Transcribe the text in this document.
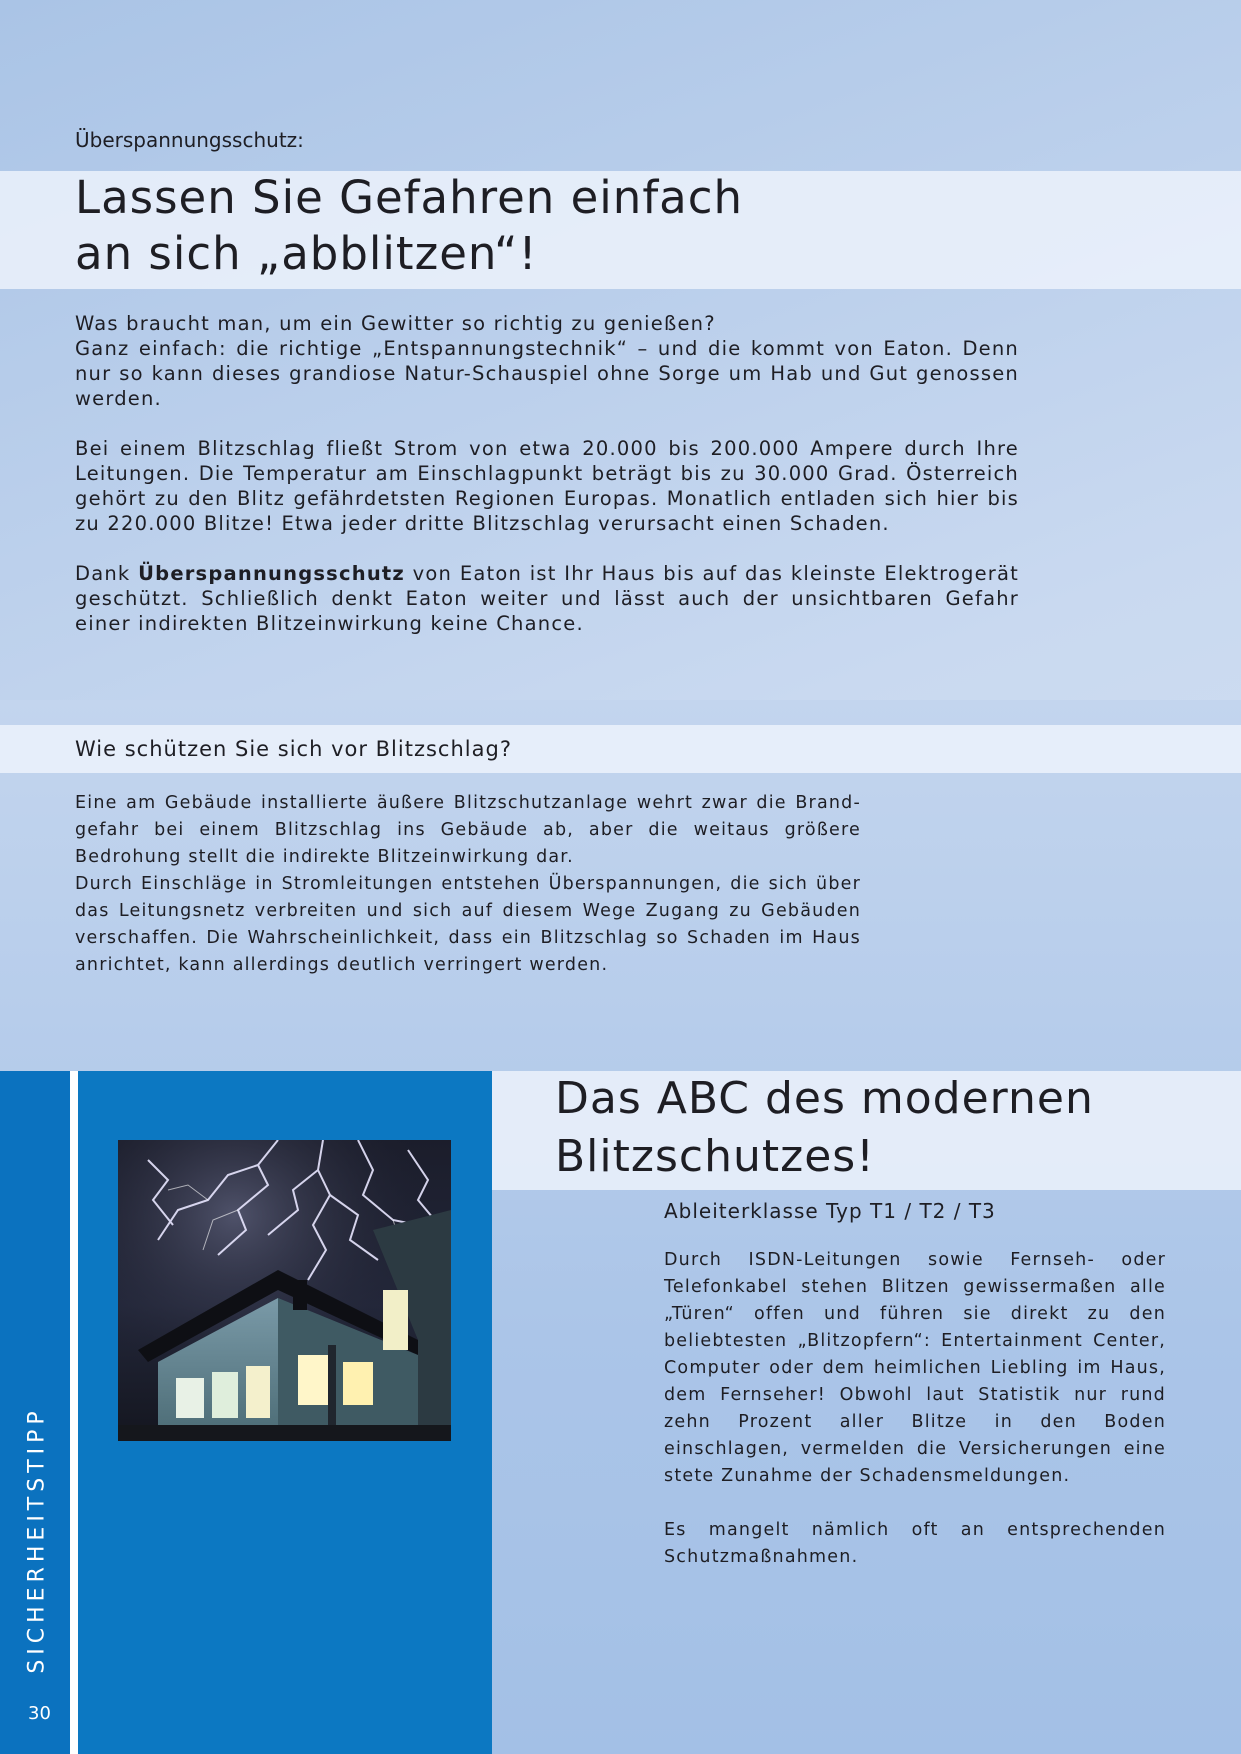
Überspannungsschutz:

Lassen Sie Gefahren einfach
an sich „abblitzen“!
Was braucht man, um ein Gewitter so richtig zu genießen?
Ganz einfach: die richtige „Entspannungstechnik“ – und die kommt von Eaton. Denn nur so kann dieses grandiose Natur-Schauspiel ohne Sorge um Hab und Gut genossen werden.

Bei einem Blitzschlag fließt Strom von etwa 20.000 bis 200.000 Ampere durch Ihre Leitungen. Die Temperatur am Einschlagpunkt beträgt bis zu 30.000 Grad. Österreich gehört zu den Blitz gefährdetsten Regionen Europas. Monatlich entladen sich hier bis zu 220.000 Blitze! Etwa jeder dritte Blitzschlag verursacht einen Schaden.

Dank Überspannungsschutz von Eaton ist Ihr Haus bis auf das kleinste Elektrogerät geschützt. Schließlich denkt Eaton weiter und lässt auch der unsichtbaren Gefahr einer indirekten Blitzeinwirkung keine Chance.

Wie schützen Sie sich vor Blitzschlag?
Eine am Gebäude installierte äußere Blitzschutzanlage wehrt zwar die Brand-gefahr bei einem Blitzschlag ins Gebäude ab, aber die weitaus größere Bedrohung stellt die indirekte Blitzeinwirkung dar.
Durch Einschläge in Stromleitungen entstehen Überspannungen, die sich über das Leitungsnetz verbreiten und sich auf diesem Wege Zugang zu Gebäuden verschaffen. Die Wahrscheinlichkeit, dass ein Blitzschlag so Schaden im Haus anrichtet, kann allerdings deutlich verringert werden.
SICHERHEITSTIPP
30
Das ABC des modernen
Blitzschutzes!

Ableiterklasse Typ T1 / T2 / T3

Durch ISDN-Leitungen sowie Fernseh- oder Telefonkabel stehen Blitzen gewissermaßen alle „Türen“ offen und führen sie direkt zu den beliebtesten „Blitzopfern“: Entertainment Center, Computer oder dem heimlichen Liebling im Haus, dem Fernseher! Obwohl laut Statistik nur rund zehn Prozent aller Blitze in den Boden einschlagen, vermelden die Versicherungen eine stete Zunahme der Schadensmeldungen.
Es mangelt nämlich oft an entsprechenden Schutzmaßnahmen.
